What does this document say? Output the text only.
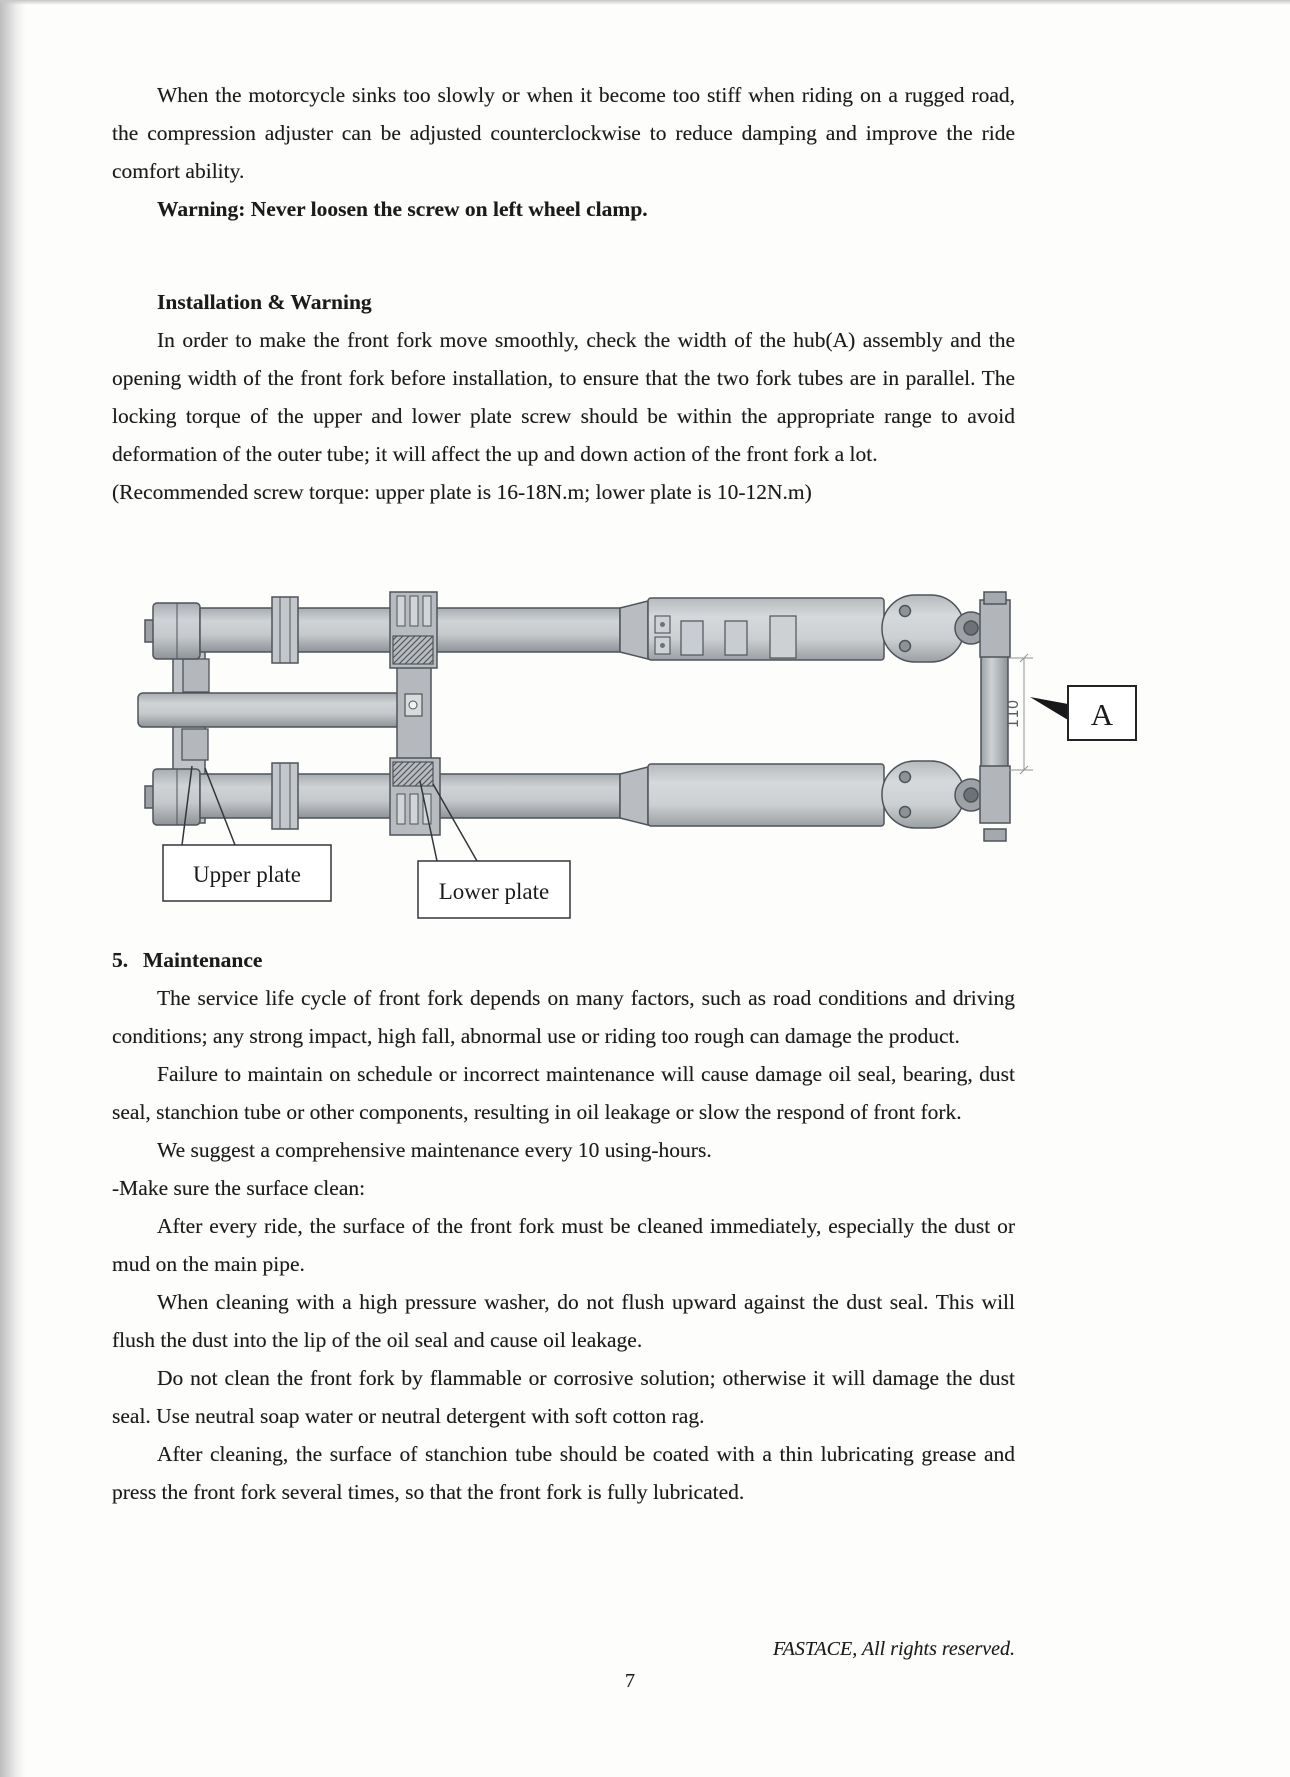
When the motorcycle sinks too slowly or when it become too stiff when riding on a rugged road, the compression adjuster can be adjusted counterclockwise to reduce damping and improve the ride comfort ability.

Warning: Never loosen the screw on left wheel clamp.

Installation & Warning

In order to make the front fork move smoothly, check the width of the hub(A) assembly and the opening width of the front fork before installation, to ensure that the two fork tubes are in parallel. The locking torque of the upper and lower plate screw should be within the appropriate range to avoid deformation of the outer tube; it will affect the up and down action of the front fork a lot.

(Recommended screw torque: upper plate is 16-18N.m; lower plate is 10-12N.m)

110 A
Upper plate
Lower plate

5. Maintenance

The service life cycle of front fork depends on many factors, such as road conditions and driving conditions; any strong impact, high fall, abnormal use or riding too rough can damage the product.

Failure to maintain on schedule or incorrect maintenance will cause damage oil seal, bearing, dust seal, stanchion tube or other components, resulting in oil leakage or slow the respond of front fork.

We suggest a comprehensive maintenance every 10 using-hours.

-Make sure the surface clean:

After every ride, the surface of the front fork must be cleaned immediately, especially the dust or mud on the main pipe.

When cleaning with a high pressure washer, do not flush upward against the dust seal. This will flush the dust into the lip of the oil seal and cause oil leakage.

Do not clean the front fork by flammable or corrosive solution; otherwise it will damage the dust seal. Use neutral soap water or neutral detergent with soft cotton rag.

After cleaning, the surface of stanchion tube should be coated with a thin lubricating grease and press the front fork several times, so that the front fork is fully lubricated.

FASTACE, All rights reserved.
7
